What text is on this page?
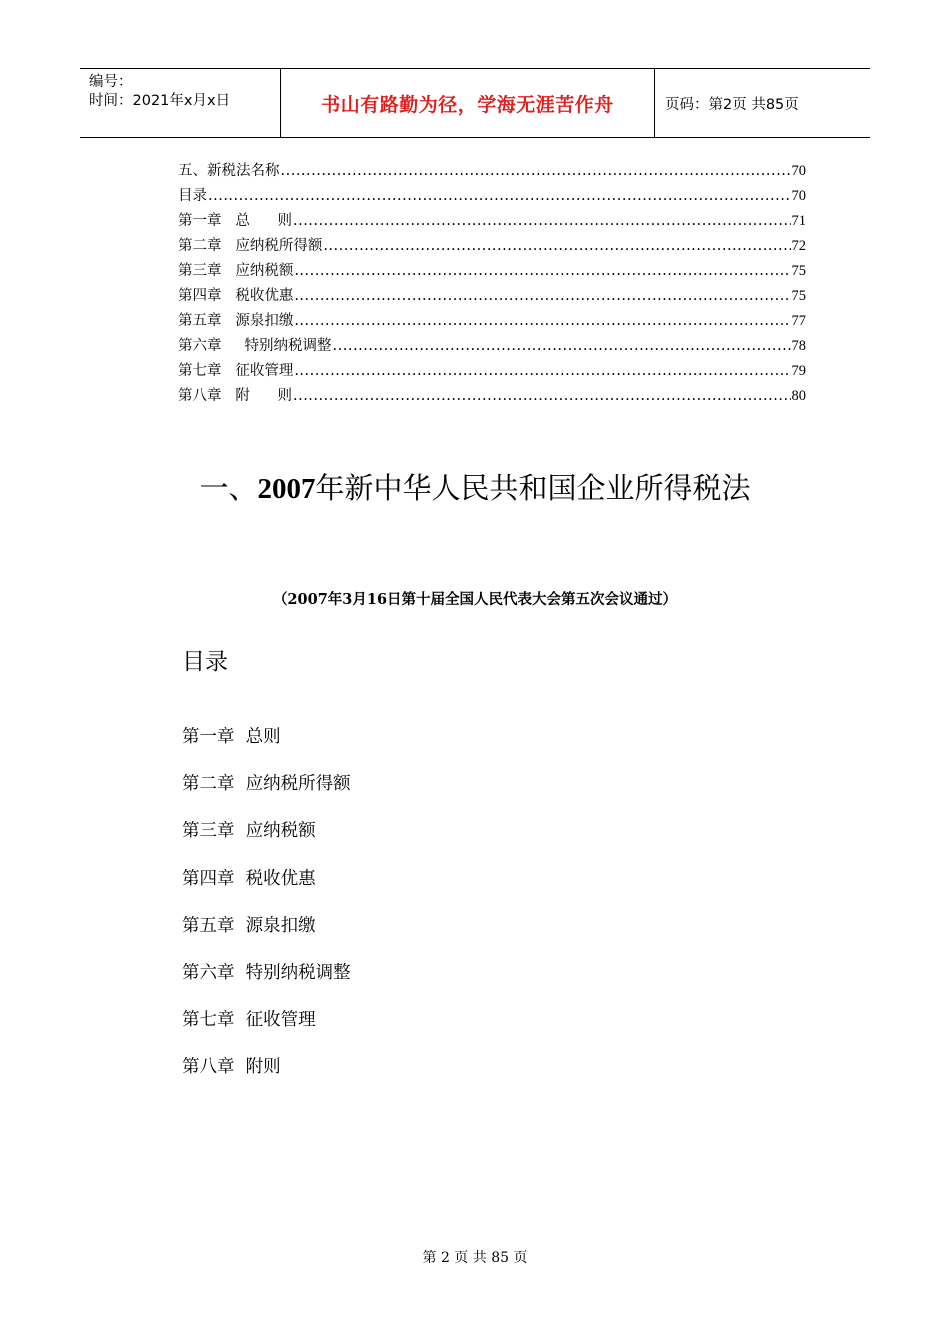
编号：
时间：2021年x月x日	书山有路勤为径，学海无涯苦作舟	页码：第2页 共85页
五、新税法名称 .....	70
目录 .....	70
第一章   总      则 .....	71
第二章   应纳税所得额 .....	72
第三章   应纳税额 .....	75
第四章   税收优惠 .....	75
第五章   源泉扣缴 .....	77
第六章     特别纳税调整 .....	78
第七章   征收管理 .....	79
第八章   附      则 .....	80
一、2007年新中华人民共和国企业所得税法
（2007年3月16日第十届全国人民代表大会第五次会议通过）
目录
第一章  总则
第二章  应纳税所得额
第三章  应纳税额
第四章  税收优惠
第五章  源泉扣缴
第六章  特别纳税调整
第七章  征收管理
第八章  附则
第 2 页 共 85 页
